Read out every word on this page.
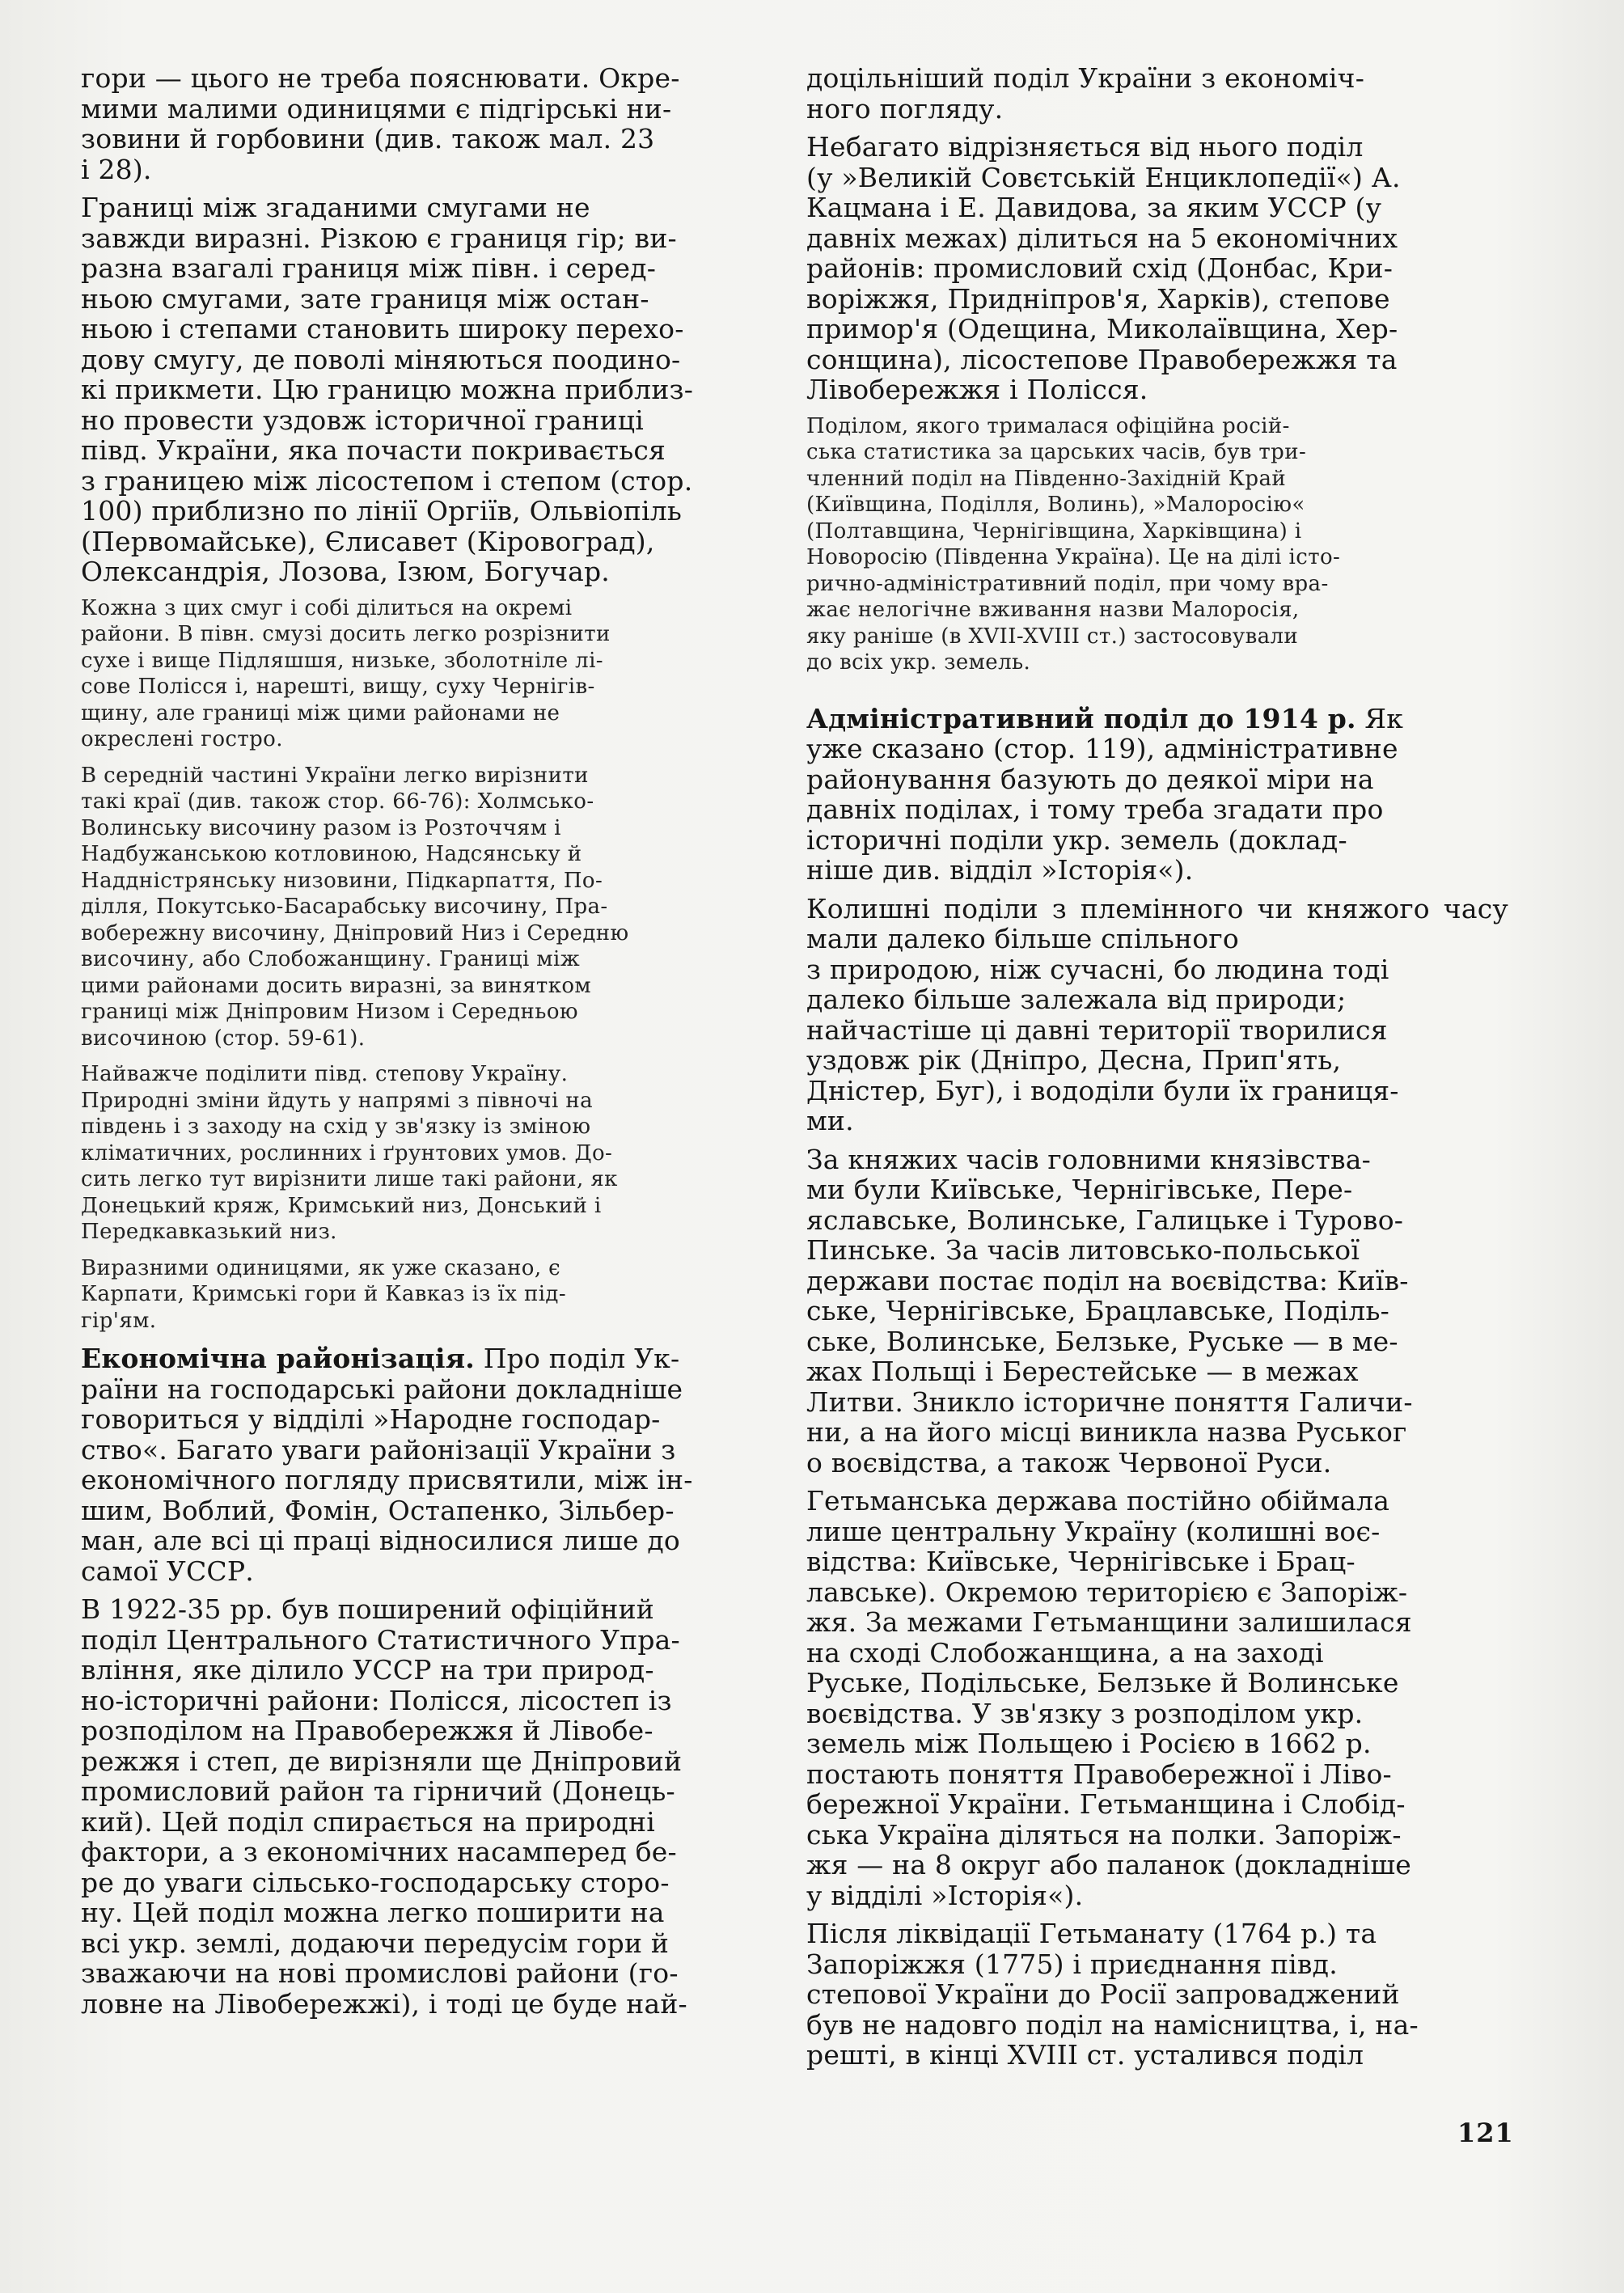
гори — цього не треба пояснювати. Окре-
мими малими одиницями є підгірські ни-
зовини й горбовини (див. також мал. 23
і 28).

Границі між згаданими смугами не
завжди виразні. Різкою є границя гір; ви-
разна взагалі границя між півн. і серед-
ньою смугами, зате границя між остан-
ньою і степами становить широку перехо-
дову смугу, де поволі міняються поодино-
кі прикмети. Цю границю можна приблиз-
но провести уздовж історичної границі
півд. України, яка почасти покривається
з границею між лісостепом і степом (стор.
100) приблизно по лінії Оргіїв, Ольвіопіль
(Первомайське), Єлисавет (Кіровоград),
Олександрія, Лозова, Ізюм, Богучар.

Кожна з цих смуг і собі ділиться на окремі
райони. В півн. смузі досить легко розрізнити
сухе і вище Підляшшя, низьке, зболотніле лі-
сове Полісся і, нарешті, вищу, суху Чернігів-
щину, але границі між цими районами не
окреслені гостро.

В середній частині України легко вирізнити
такі краї (див. також стор. 66-76): Холмсько-
Волинську височину разом із Розточчям і
Надбужанською котловиною, Надсянську й
Наддністрянську низовини, Підкарпаття, По-
ділля, Покутсько-Басарабську височину, Пра-
вобережну височину, Дніпровий Низ і Середню
височину, або Слобожанщину. Границі між
цими районами досить виразні, за винятком
границі між Дніпровим Низом і Середньою
височиною (стор. 59-61).

Найважче поділити півд. степову Україну.
Природні зміни йдуть у напрямі з півночі на
південь і з заходу на схід у зв'язку із зміною
кліматичних, рослинних і ґрунтових умов. До-
сить легко тут вирізнити лише такі райони, як
Донецький кряж, Кримський низ, Донський і
Передкавказький низ.

Виразними одиницями, як уже сказано, є
Карпати, Кримські гори й Кавказ із їх під-
гір'ям.

Економічна районізація. Про поділ Ук-
раїни на господарські райони докладніше
говориться у відділі »Народне господар-
ство«. Багато уваги районізації України з
економічного погляду присвятили, між ін-
шим, Воблий, Фомін, Остапенко, Зільбер-
ман, але всі ці праці відносилися лише до
самої УССР.

В 1922-35 рр. був поширений офіційний
поділ Центрального Статистичного Упра-
вління, яке ділило УССР на три природ-
но-історичні райони: Полісся, лісостеп із
розподілом на Правобережжя й Лівобе-
режжя і степ, де вирізняли ще Дніпровий
промисловий район та гірничий (Донець-
кий). Цей поділ спирається на природні
фактори, а з економічних насамперед бе-
ре до уваги сільсько-господарську сторо-
ну. Цей поділ можна легко поширити на
всі укр. землі, додаючи передусім гори й
зважаючи на нові промислові райони (го-
ловне на Лівобережжі), і тоді це буде най-

доцільніший поділ України з економіч-
ного погляду.

Небагато відрізняється від нього поділ
(у »Великій Совєтській Енциклопедії«) А.
Кацмана і Е. Давидова, за яким УССР (у
давніх межах) ділиться на 5 економічних
районів: промисловий схід (Донбас, Кри-
воріжжя, Придніпров'я, Харків), степове
примор'я (Одещина, Миколаївщина, Хер-
сонщина), лісостепове Правобережжя та
Лівобережжя і Полісся.

Поділом, якого трималася офіційна росій-
ська статистика за царських часів, був три-
членний поділ на Південно-Західній Край
(Київщина, Поділля, Волинь), »Малоросію«
(Полтавщина, Чернігівщина, Харківщина) і
Новоросію (Південна Україна). Це на ділі істо-
рично-адміністративний поділ, при чому вра-
жає нелогічне вживання назви Малоросія,
яку раніше (в XVII-XVIII ст.) застосовували
до всіх укр. земель.

Адміністративний поділ до 1914 р. Як
уже сказано (стор. 119), адміністративне
районування базують до деякої міри на
давніх поділах, і тому треба згадати про
історичні поділи укр. земель (доклад-
ніше див. відділ »Історія«).

Колишні поділи з племінного чи княжого часу мали далеко більше спільного
з природою, ніж сучасні, бо людина тоді
далеко більше залежала від природи;
найчастіше ці давні території творилися
уздовж рік (Дніпро, Десна, Прип'ять,
Дністер, Буг), і вододіли були їх границя-
ми.

За княжих часів головними князівства-
ми були Київське, Чернігівське, Пере-
яславське, Волинське, Галицьке і Турово-
Пинське. За часів литовсько-польської
держави постає поділ на воєвідства: Київ-
ське, Чернігівське, Брацлавське, Поділь-
ське, Волинське, Белзьке, Руське — в ме-
жах Польщі і Берестейське — в межах
Литви. Зникло історичне поняття Галичи-
ни, а на його місці виникла назва Руськог
о воєвідства, а також Червоної Руси.

Гетьманська держава постійно обіймала
лише центральну Україну (колишні воє-
відства: Київське, Чернігівське і Брац-
лавське). Окремою територією є Запоріж-
жя. За межами Гетьманщини залишилася
на сході Слобожанщина, а на заході
Руське, Подільське, Белзьке й Волинське
воєвідства. У зв'язку з розподілом укр.
земель між Польщею і Росією в 1662 р.
постають поняття Правобережної і Ліво-
бережної України. Гетьманщина і Слобід-
ська Україна діляться на полки. Запоріж-
жя — на 8 округ або паланок (докладніше
у відділі »Історія«).

Після ліквідації Гетьманату (1764 р.) та
Запоріжжя (1775) і приєднання півд.
степової України до Росії запроваджений
був не надовго поділ на намісництва, і, на-
решті, в кінці XVIII ст. усталився поділ

121
